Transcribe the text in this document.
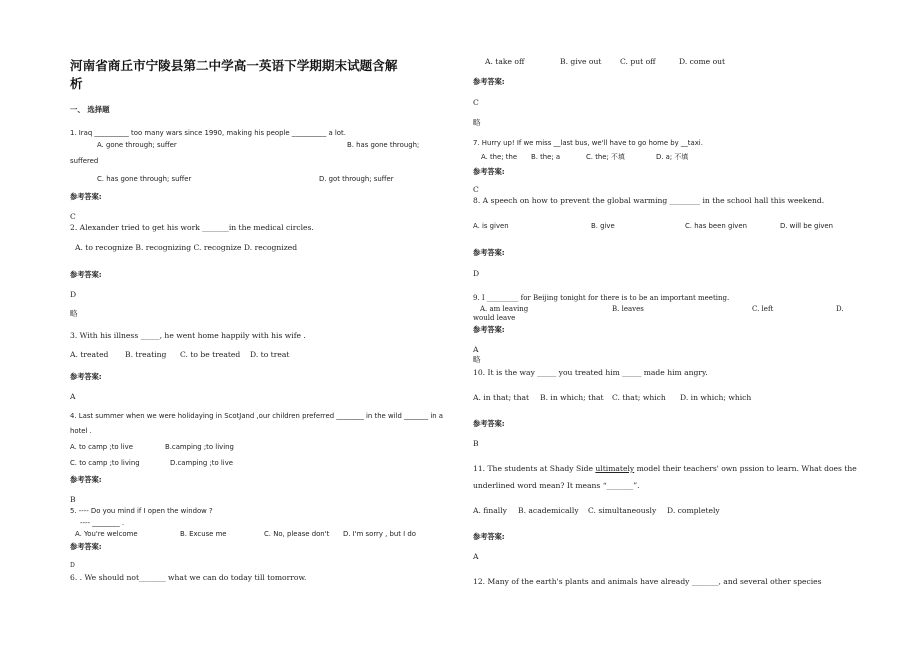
河南省商丘市宁陵县第二中学高一英语下学期期末试题含解
析
一、 选择题
1. Iraq __________ too many wars since 1990, making his people __________ a lot.
A. gone through; suffer	B. has gone through;
suffered
C. has gone through; suffer	D. got through; suffer
参考答案:
C
2. Alexander tried to get his work _______in the medical circles.
A. to recognize B. recognizing C. recognize D. recognized
参考答案:
D
略
3. With his illness _____, he went home happily with his wife .
A. treated B. treating C. to be treated D. to treat
参考答案:
A
4. Last summer when we were holidaying in ScotJand ,our children preferred ________ in the wild _______ in a
hotel .
A. to camp ;to live	B.camping ;to living
C. to camp ;to living	D.camping ;to live
参考答案:
B
5. ---- Do you mind if I open the window ?
---- ________ .
A. You're welcome	B. Excuse me	C. No, please don't D. I'm sorry , but I do
参考答案:
D
6. . We should not_______ what we can do today till tomorrow.
A. take off	B. give out C. put off	D. come out
参考答案:
C
略
7. Hurry up! If we miss __last bus, we'll have to go home by __taxi.
A. the; the B. the; a	C. the; 不填	D. a; 不填
参考答案:
C
8. A speech on how to prevent the global warming ________ in the school hall this weekend.
A. is given	B. give	C. has been given	D. will be given
参考答案:
D
9. I _________ for Beijing tonight for there is to be an important meeting.
A. am leaving	B. leaves	C. left	D.
would leave
参考答案:
A
略
10. It is the way _____ you treated him _____ made him angry.
A. in that; that B. in which; that C. that; which D. in which; which
参考答案:
B
11. The students at Shady Side ultimately model their teachers' own pssion to learn. What does the
underlined word mean? It means “_______”.
A. finally B. academically C. simultaneously D. completely
参考答案:
A
12. Many of the earth's plants and animals have already _______, and several other species
